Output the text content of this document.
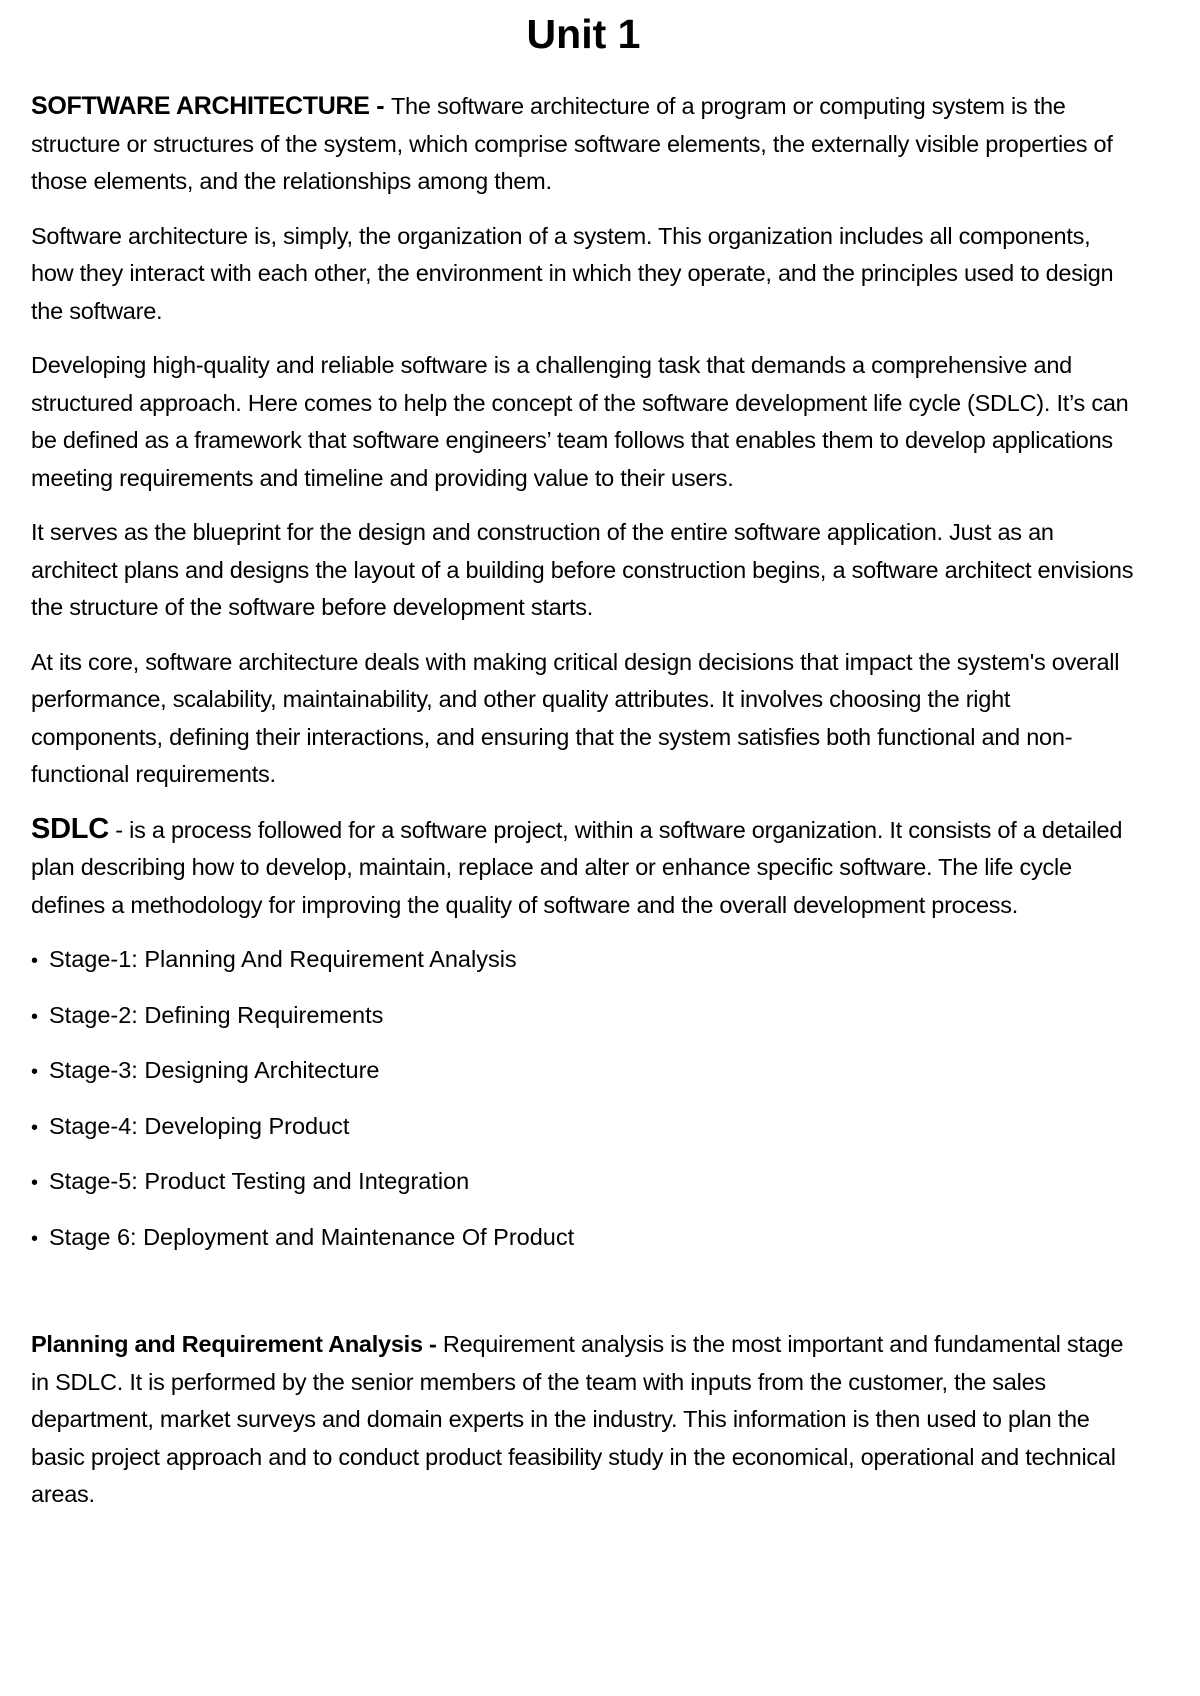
Unit 1

SOFTWARE ARCHITECTURE - The software architecture of a program or computing system is the structure or structures of the system, which comprise software elements, the externally visible properties of those elements, and the relationships among them.

Software architecture is, simply, the organization of a system. This organization includes all components, how they interact with each other, the environment in which they operate, and the principles used to design the software.

Developing high-quality and reliable software is a challenging task that demands a comprehensive and structured approach. Here comes to help the concept of the software development life cycle (SDLC). It’s can be defined as a framework that software engineers’ team follows that enables them to develop applications meeting requirements and timeline and providing value to their users.

It serves as the blueprint for the design and construction of the entire software application. Just as an architect plans and designs the layout of a building before construction begins, a software architect envisions the structure of the software before development starts.

At its core, software architecture deals with making critical design decisions that impact the system's overall performance, scalability, maintainability, and other quality attributes. It involves choosing the right components, defining their interactions, and ensuring that the system satisfies both functional and non-functional requirements.

SDLC - is a process followed for a software project, within a software organization. It consists of a detailed plan describing how to develop, maintain, replace and alter or enhance specific software. The life cycle defines a methodology for improving the quality of software and the overall development process.

• Stage-1: Planning And Requirement Analysis
• Stage-2: Defining Requirements
• Stage-3: Designing Architecture
• Stage-4: Developing Product
• Stage-5: Product Testing and Integration
• Stage 6: Deployment and Maintenance Of Product

Planning and Requirement Analysis - Requirement analysis is the most important and fundamental stage in SDLC. It is performed by the senior members of the team with inputs from the customer, the sales department, market surveys and domain experts in the industry. This information is then used to plan the basic project approach and to conduct product feasibility study in the economical, operational and technical areas.
